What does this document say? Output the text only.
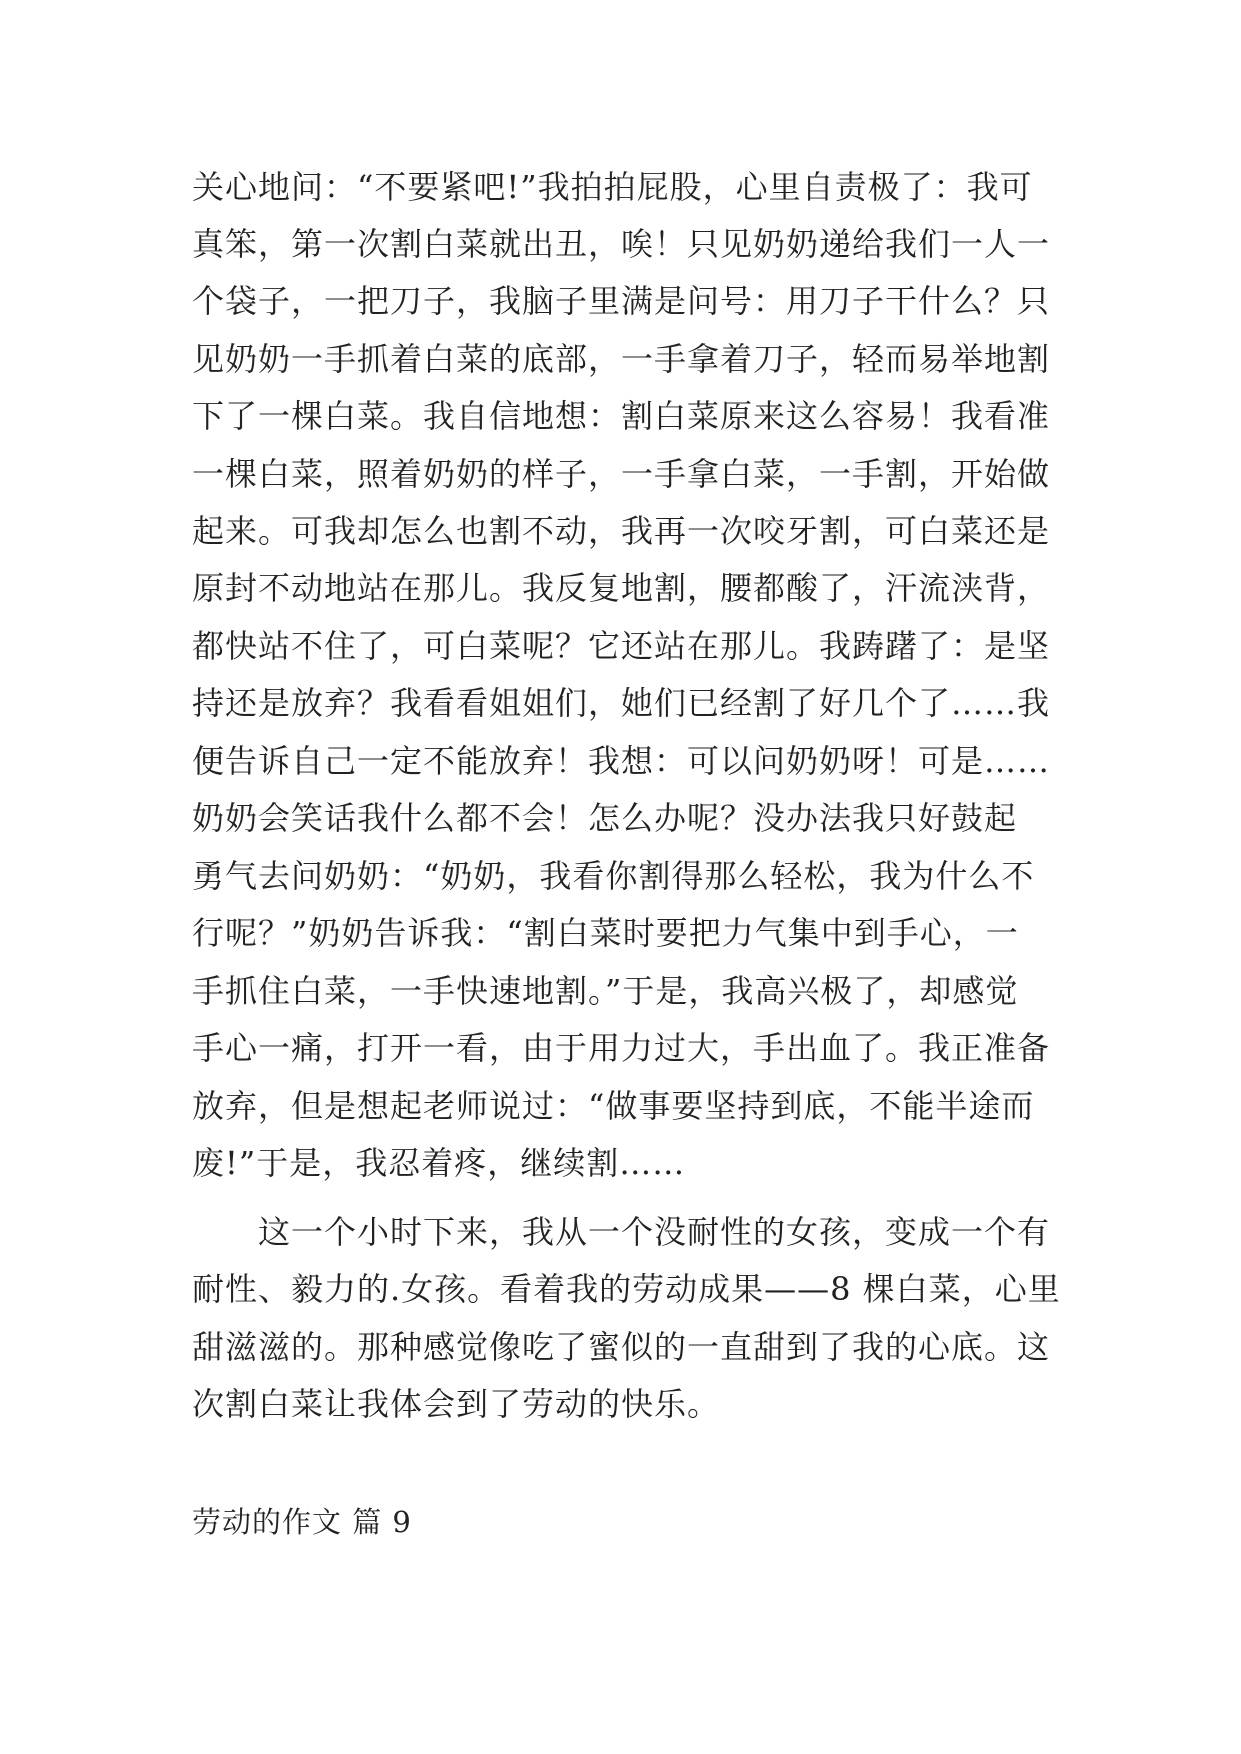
关心地问：“不要紧吧!”我拍拍屁股，心里自责极了：我可
真笨，第一次割白菜就出丑，唉！只见奶奶递给我们一人一
个袋子，一把刀子，我脑子里满是问号：用刀子干什么？只
见奶奶一手抓着白菜的底部，一手拿着刀子，轻而易举地割
下了一棵白菜。我自信地想：割白菜原来这么容易！我看准
一棵白菜，照着奶奶的样子，一手拿白菜，一手割，开始做
起来。可我却怎么也割不动，我再一次咬牙割，可白菜还是
原封不动地站在那儿。我反复地割，腰都酸了，汗流浃背，
都快站不住了，可白菜呢？它还站在那儿。我踌躇了：是坚
持还是放弃？我看看姐姐们，她们已经割了好几个了……我
便告诉自己一定不能放弃！我想：可以问奶奶呀！可是……
奶奶会笑话我什么都不会！怎么办呢？没办法我只好鼓起
勇气去问奶奶：“奶奶，我看你割得那么轻松，我为什么不
行呢？”奶奶告诉我：“割白菜时要把力气集中到手心，一
手抓住白菜，一手快速地割。”于是，我高兴极了，却感觉
手心一痛，打开一看，由于用力过大，手出血了。我正准备
放弃，但是想起老师说过：“做事要坚持到底，不能半途而
废!”于是，我忍着疼，继续割……
这一个小时下来，我从一个没耐性的女孩，变成一个有
耐性、毅力的.女孩。看着我的劳动成果——8 棵白菜，心里
甜滋滋的。那种感觉像吃了蜜似的一直甜到了我的心底。这
次割白菜让我体会到了劳动的快乐。
劳动的作文 篇 9
